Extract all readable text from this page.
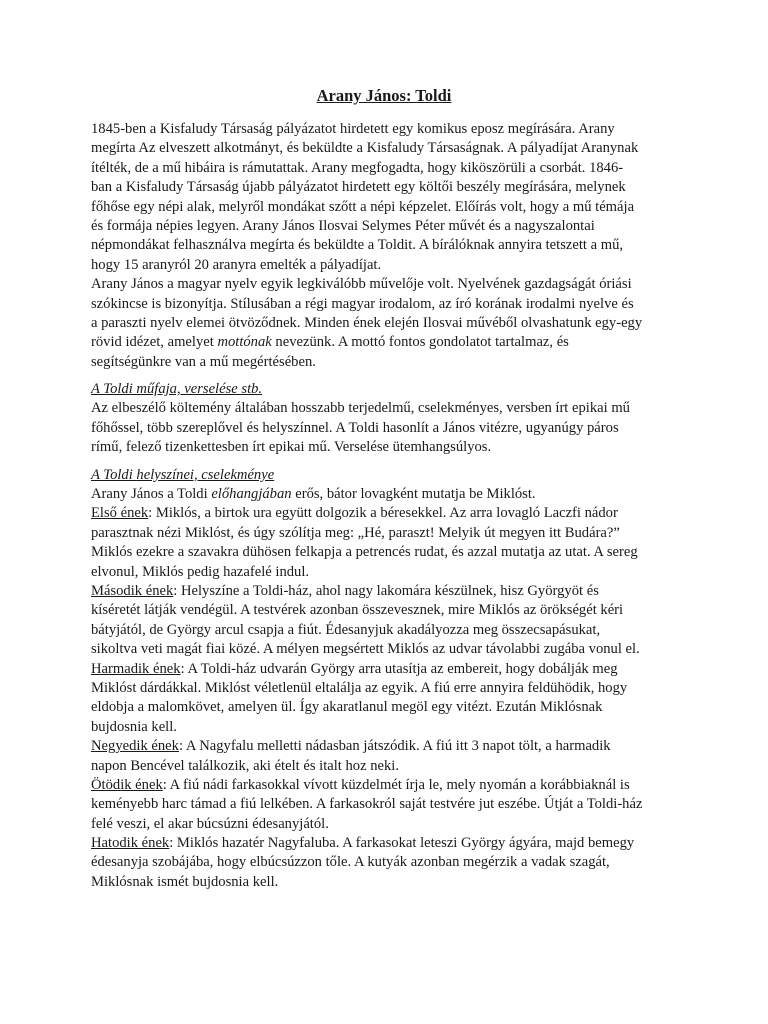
Arany János: Toldi
1845-ben a Kisfaludy Társaság pályázatot hirdetett egy komikus eposz megírására. Arany
megírta Az elveszett alkotmányt, és beküldte a Kisfaludy Társaságnak. A pályadíjat Aranynak
ítélték, de a mű hibáira is rámutattak. Arany megfogadta, hogy kiköszörüli a csorbát. 1846-
ban a Kisfaludy Társaság újabb pályázatot hirdetett egy költői beszély megírására, melynek
főhőse egy népi alak, melyről mondákat szőtt a népi képzelet. Előírás volt, hogy a mű témája
és formája népies legyen. Arany János Ilosvai Selymes Péter művét és a nagyszalontai
népmondákat felhasználva megírta és beküldte a Toldit. A bírálóknak annyira tetszett a mű,
hogy 15 aranyról 20 aranyra emelték a pályadíjat.
Arany János a magyar nyelv egyik legkiválóbb művelője volt. Nyelvének gazdagságát óriási
szókincse is bizonyítja. Stílusában a régi magyar irodalom, az író korának irodalmi nyelve és
a paraszti nyelv elemei ötvöződnek. Minden ének elején Ilosvai művéből olvashatunk egy-egy
rövid idézet, amelyet mottónak nevezünk. A mottó fontos gondolatot tartalmaz, és
segítségünkre van a mű megértésében.
A Toldi műfaja, verselése stb.
Az elbeszélő költemény általában hosszabb terjedelmű, cselekményes, versben írt epikai mű
főhőssel, több szereplővel és helyszínnel. A Toldi hasonlít a János vitézre, ugyanúgy páros
rímű, felező tizenkettesben írt epikai mű. Verselése ütemhangsúlyos.
A Toldi helyszínei, cselekménye
Arany János a Toldi előhangjában erős, bátor lovagként mutatja be Miklóst.
Első ének: Miklós, a birtok ura együtt dolgozik a béresekkel. Az arra lovagló Laczfi nádor
parasztnak nézi Miklóst, és úgy szólítja meg: „Hé, paraszt! Melyik út megyen itt Budára?”
Miklós ezekre a szavakra dühösen felkapja a petrencés rudat, és azzal mutatja az utat. A sereg
elvonul, Miklós pedig hazafelé indul.
Második ének: Helyszíne a Toldi-ház, ahol nagy lakomára készülnek, hisz Györgyöt és
kíséretét látják vendégül. A testvérek azonban összevesznek, mire Miklós az örökségét kéri
bátyjától, de György arcul csapja a fiút. Édesanyjuk akadályozza meg összecsapásukat,
sikoltva veti magát fiai közé. A mélyen megsértett Miklós az udvar távolabbi zugába vonul el.
Harmadik ének: A Toldi-ház udvarán György arra utasítja az embereit, hogy dobálják meg
Miklóst dárdákkal. Miklóst véletlenül eltalálja az egyik. A fiú erre annyira feldühödik, hogy
eldobja a malomkövet, amelyen ül. Így akaratlanul megöl egy vitézt. Ezután Miklósnak
bujdosnia kell.
Negyedik ének: A Nagyfalu melletti nádasban játszódik. A fiú itt 3 napot tölt, a harmadik
napon Bencével találkozik, aki ételt és italt hoz neki.
Ötödik ének: A fiú nádi farkasokkal vívott küzdelmét írja le, mely nyomán a korábbiaknál is
keményebb harc támad a fiú lelkében. A farkasokról saját testvére jut eszébe. Útját a Toldi-ház
felé veszi, el akar búcsúzni édesanyjától.
Hatodik ének: Miklós hazatér Nagyfaluba. A farkasokat leteszi György ágyára, majd bemegy
édesanyja szobájába, hogy elbúcsúzzon tőle. A kutyák azonban megérzik a vadak szagát,
Miklósnak ismét bujdosnia kell.
